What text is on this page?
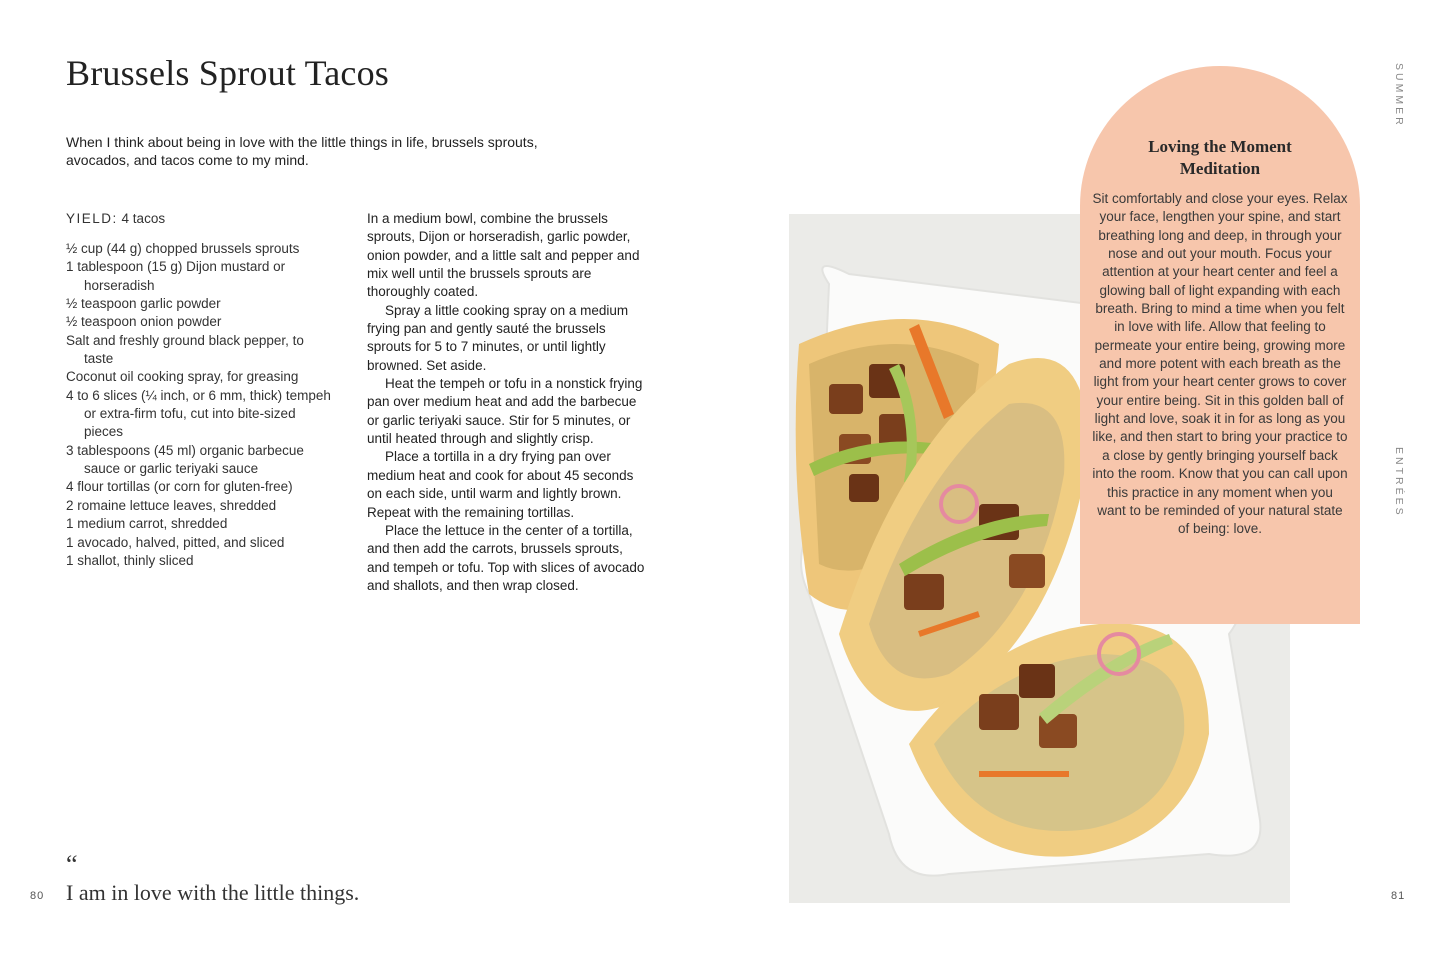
Brussels Sprout Tacos

When I think about being in love with the little things in life, brussels sprouts, avocados, and tacos come to my mind.

YIELD: 4 tacos

½ cup (44 g) chopped brussels sprouts
1 tablespoon (15 g) Dijon mustard or horseradish
½ teaspoon garlic powder
½ teaspoon onion powder
Salt and freshly ground black pepper, to taste
Coconut oil cooking spray, for greasing
4 to 6 slices (¼ inch, or 6 mm, thick) tempeh or extra-firm tofu, cut into bite-sized pieces
3 tablespoons (45 ml) organic barbecue sauce or garlic teriyaki sauce
4 flour tortillas (or corn for gluten-free)
2 romaine lettuce leaves, shredded
1 medium carrot, shredded
1 avocado, halved, pitted, and sliced
1 shallot, thinly sliced

In a medium bowl, combine the brussels sprouts, Dijon or horseradish, garlic powder, onion powder, and a little salt and pepper and mix well until the brussels sprouts are thoroughly coated.

Spray a little cooking spray on a medium frying pan and gently sauté the brussels sprouts for 5 to 7 minutes, or until lightly browned. Set aside.

Heat the tempeh or tofu in a nonstick frying pan over medium heat and add the barbecue or garlic teriyaki sauce. Stir for 5 minutes, or until heated through and slightly crisp.

Place a tortilla in a dry frying pan over medium heat and cook for about 45 seconds on each side, until warm and lightly brown. Repeat with the remaining tortillas.

Place the lettuce in the center of a tortilla, and then add the carrots, brussels sprouts, and tempeh or tofu. Top with slices of avocado and shallots, and then wrap closed.

“

I am in love with the little things.

80	81
SUMMER
ENTRÉES
Loving the Moment Meditation

Sit comfortably and close your eyes. Relax your face, lengthen your spine, and start breathing long and deep, in through your nose and out your mouth. Focus your attention at your heart center and feel a glowing ball of light expanding with each breath. Bring to mind a time when you felt in love with life. Allow that feeling to permeate your entire being, growing more and more potent with each breath as the light from your heart center grows to cover your entire being. Sit in this golden ball of light and love, soak it in for as long as you like, and then start to bring your practice to a close by gently bringing yourself back into the room. Know that you can call upon this practice in any moment when you want to be reminded of your natural state of being: love.
